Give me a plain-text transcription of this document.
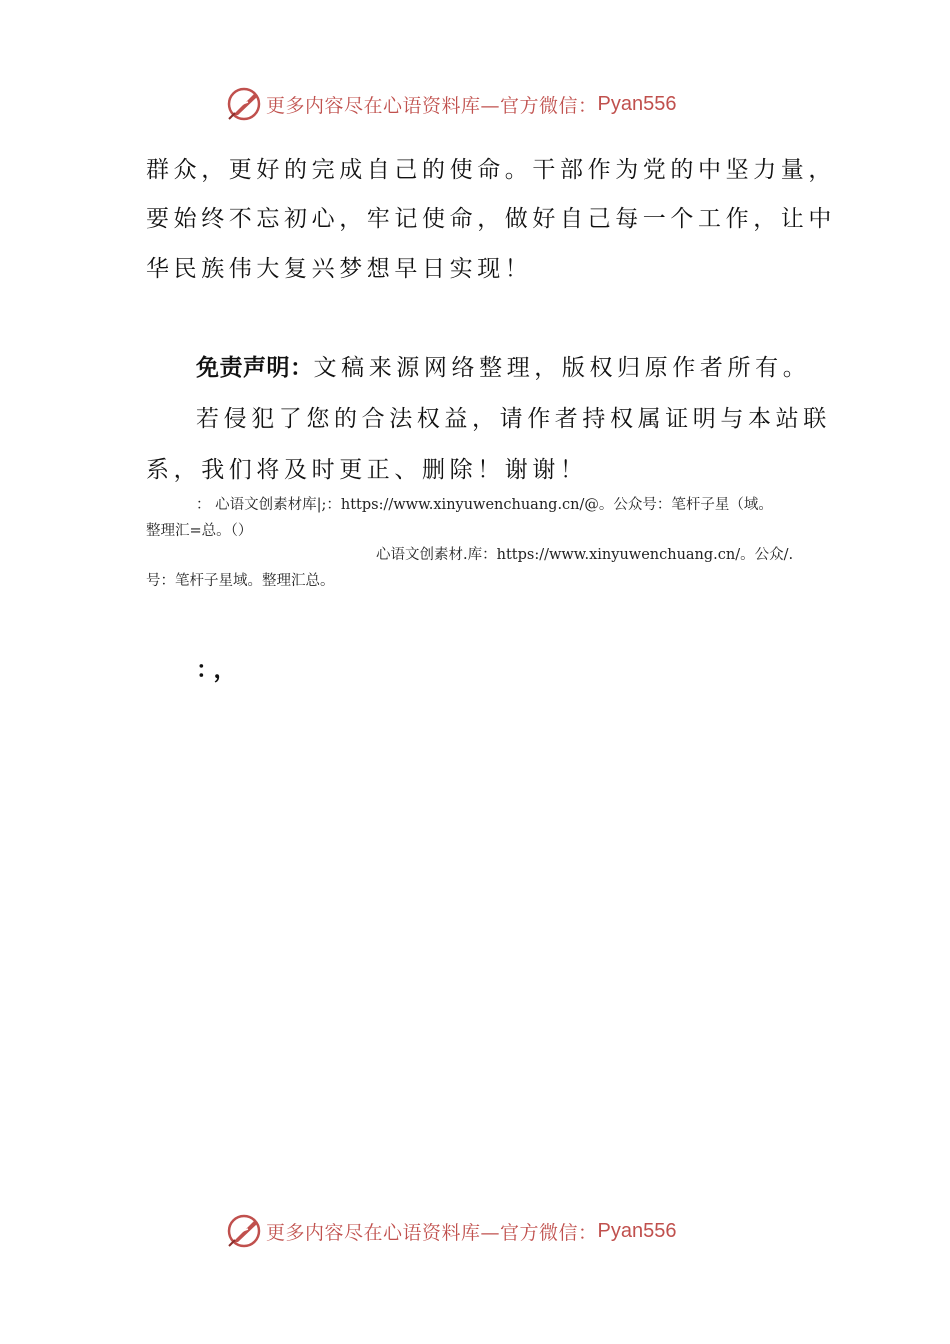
更多内容尽在心语资料库—官方微信： Pyan556
群众，更好的完成自己的使命。干部作为党的中坚力量，
要始终不忘初心，牢记使命，做好自己每一个工作，让中
华民族伟大复兴梦想早日实现！
免责声明：文稿来源网络整理，版权归原作者所有。
若侵犯了您的合法权益，请作者持权属证明与本站联
系，我们将及时更正、删除！谢谢！
： 心语文创素材库|;：https://www.xinyuwenchuang.cn/@。公众号：笔杆子星（域。
整理汇=总。（）
心语文创素材.库：https://www.xinyuwenchuang.cn/。公众/.
号：笔杆子星域。整理汇总。
：，
更多内容尽在心语资料库—官方微信： Pyan556
